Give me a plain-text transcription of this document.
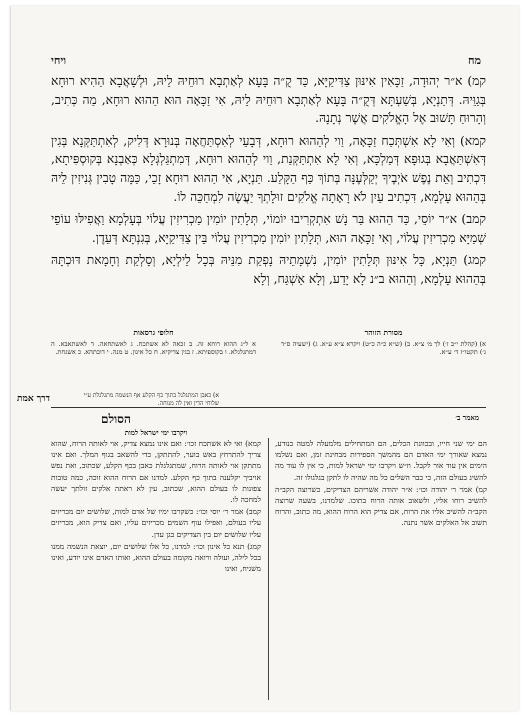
מח
ויחי

קמ) א״ר יְהוּדָה, זַכָּאִין אִינּוּן צַדִּיקַיָּא, כַּד קֻ״ה בָּעָא לְאַתְבָא רוּחֵיהּ לֵיהּ, וּלְשָׁאֲבָא הַהִיא רוּחָא בְּגַוֵּיהּ. דְּתַנְיָא, בְּשַׁעְתָּא דְּקֻ״ה בָּעָא לְאַתְבָא רוּחֵיהּ לֵיהּ, אִי זַכָּאָה הוּא הַהוּא רוּחָא, מַה כְּתִיב, וְהָרוּחַ תָּשׁוּב אֶל הָאֱלֹקִים אֲשֶׁר נְתָנָהּ.

קמא) וְאִי לָא אִשְׁתְּכַח זַכָּאָה, וַוי לְהַהוּא רוּחָא, דְּבָעֵי לְאִסְתַּחֲאָה בְּנוּרָא דְּלִיק, לְאִתְתַּקְּנָא בְּגִין דְּאִשְׁתַּאֲבָא בְּגוּפָא דְּמַלְכָּא, וְאִי לָא אִתְתַּקְּנַת, וַוי לְהַהוּא רוּחָא, דְּמִתְגַּלְגְּלָא כְּאַבְנָא בְּקוּסְפִּיתָא, דִּכְתִיב וְאֵת נֶפֶשׁ אֹיְבֶיךָ יְקַלְּעֶנָּה בְּתוֹךְ כַּף הַקָּלַע. תַּנְיָא, אִי הַהוּא רוּחָא זָכֵי, כַּמָּה טָבִין גְּנִיזִין לֵיהּ בְּהַהוּא עָלְמָא, דִּכְתִיב עַיִן לֹא רָאָתָה אֱלֹקִים זוּלָתְךָ יַעֲשֶׂה לִמְחַכֵּה לוֹ.

קמב) א״ר יוֹסֵי, כַּד הַהוּא בַּר נָשׁ אִתְקְרִיבוּ יוֹמוֹי, תְּלָתִין יוֹמִין מַכְרִיזִין עֲלוֹי בְּעָלְמָא וַאֲפִילּוּ עוֹפֵי שְׁמַיָּא מַכְרִיזִין עֲלוֹי, וְאִי זַכָּאָה הוּא, תְּלָתִין יוֹמִין מַכְרִיזִין עֲלוֹי בֵּין צַדִּיקַיָּא, בְּגִנְתָּא דְּעֵדֶן.

קמג) תַּנְיָא, כָּל אִינּוּן תְּלָתִין יוֹמִין, נִשְׁמָתֵיהּ נָפְקַת מִנֵּיהּ בְּכָל לֵילְיָא, וְסָלְקַת וְחָמָאת דּוּכְתָּהּ בְּהַהוּא עָלְמָא, וְהַהוּא ב״נ לָא יָדַע, וְלָא אַשְׁגַּח, וְלָא

מסורת הזוהר

א) (קהלת י״ב ז׳) לך מ׳ צ״א. ב) (ש״א כ״ה כ״ט) ויקרא צ״א ע״א. ג) (ישעיה ס״ד ג׳) תקטו״ז ד׳ ע״א.

חלופי גרסאות

א ל״ג ההוא רוחא זה. ב זכאה לא אשתכח. ג לאשתחאה. ד לאשתאבא. ה דמתגלגלא. ו בקוספיתא. ז בגין צדיקיא. ח כל אינון. ט מנה. י דוכתהא. כ אשגחת.

דרך אמת	א) כאבן המתגלגל בתוך כף הקלע אף הנשמה מתגלגלת ע״י שלוחי הדין ואין לה מנוחה.

הסולם	מאמר ב׳
ויקרבו ימי ישראל למות

קמא) ואי לא אשתכח זכו׳: ואם אינו נמצא צדיק, אוי לאותה הרוח, שהוא צריך להתרחץ באש בוער, להתתקן, כדי להשאב בגוף המלך. ואם אינו מתתקן אוי לאותה הרוח, שמתגלגלת כאבן בכף הקלע, שכתוב, ואת נפש אויביך יקלענה בתוך כף הקלע. למדנו אם הרוח ההוא זוכה, כמה טובות צפונות לו בעולם ההוא, שכתוב, עין לא ראתה אלקים זולתך יעשה למחכה לו.

קמב) אמר ר׳ יוסי וכו׳: כשקרבו ימיו של אדם למות, שלושים יום מכריזים עליו בעולם, ואפילו עוף השמים מכריזים עליו, ואם צדיק הוא, מכריזים עליו שלושים יום בין הצדיקים בגן עדן.

קמג) תנא כל אינון וכו׳: למדנו, כל אלו שלושים יום, יוצאת הנשמה ממנו בכל לילה, ועולה ורואה מקומה בעולם ההוא, ואותו האדם אינו יודע, ואינו משגיח, ואינו

הם ימי שני חייו, ובכוונת הכלים, הם המתחילים מלמעלה למטה כנודע, נמצא שאורך ימי האדם הם מהמשך הספירות מבחינת זמן, ואם נשלמו הימים אין עוד אור לקבל. וז״ש ויקרבו ימי ישראל למות, כי אין לו עוד מה להשיג בעולם הזה, כי כבר השלים כל מה שהיה לו לתקן בגלגולו זה.

קמ) אמר ר׳ יהודה וכו׳: א״ר יהודה אשריהם הצדיקים, כשרוצה הקב״ה להשיב רוחו אליו, ולשאוב אותה הרוח בתוכו. שלמדנו, בשעה שרוצה הקב״ה להשיב אליו את הרוח, אם צדיק הוא הרוח ההוא, מה כתוב, והרוח תשוב אל האלקים אשר נתנה.
